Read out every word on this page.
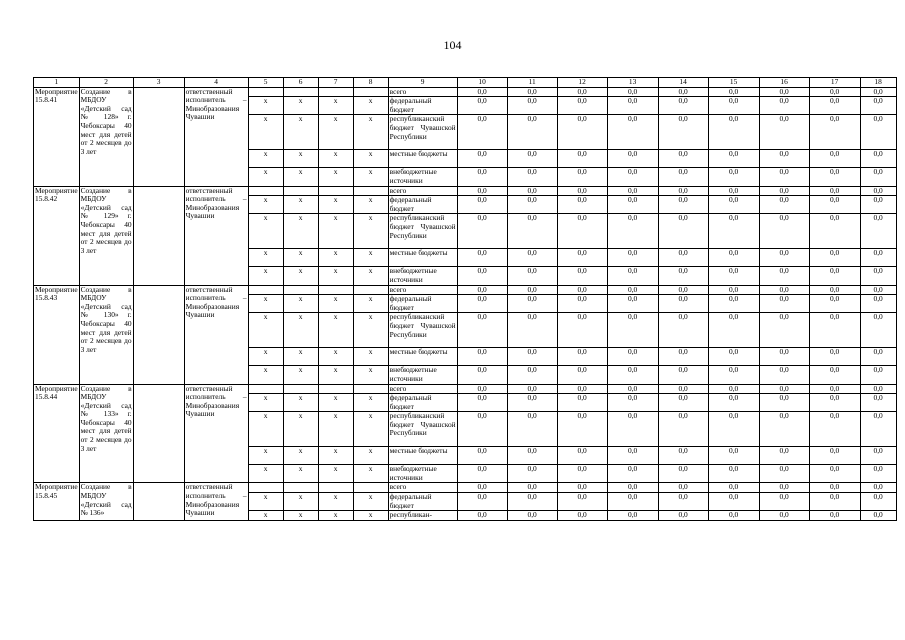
104
1	2	3	4	5	6	7	8	9	10	11	12	13	14	15	16	17	18
Мероприятие 15.8.41	Создание в МБДОУ «Детский сад № 128» г. Чебоксары 40 мест для детей от 2 месяцев до 3 лет		ответственный исполнитель – Минобразования Чувашии					всего	0,0	0,0	0,0	0,0	0,0	0,0	0,0	0,0	0,0
				х	х	х	х	федеральный бюджет	0,0	0,0	0,0	0,0	0,0	0,0	0,0	0,0	0,0
				х	х	х	х	республиканский бюджет Чувашской Республики	0,0	0,0	0,0	0,0	0,0	0,0	0,0	0,0	0,0
				х	х	х	х	местные бюджеты	0,0	0,0	0,0	0,0	0,0	0,0	0,0	0,0	0,0
				х	х	х	х	внебюджетные источники	0,0	0,0	0,0	0,0	0,0	0,0	0,0	0,0	0,0
Мероприятие 15.8.42	Создание в МБДОУ «Детский сад № 129» г. Чебоксары 40 мест для детей от 2 месяцев до 3 лет		ответственный исполнитель – Минобразования Чувашии					всего	0,0	0,0	0,0	0,0	0,0	0,0	0,0	0,0	0,0
				х	х	х	х	федеральный бюджет	0,0	0,0	0,0	0,0	0,0	0,0	0,0	0,0	0,0
				х	х	х	х	республиканский бюджет Чувашской Республики	0,0	0,0	0,0	0,0	0,0	0,0	0,0	0,0	0,0
				х	х	х	х	местные бюджеты	0,0	0,0	0,0	0,0	0,0	0,0	0,0	0,0	0,0
				х	х	х	х	внебюджетные источники	0,0	0,0	0,0	0,0	0,0	0,0	0,0	0,0	0,0
Мероприятие 15.8.43	Создание в МБДОУ «Детский сад № 130» г. Чебоксары 40 мест для детей от 2 месяцев до 3 лет		ответственный исполнитель – Минобразования Чувашии					всего	0,0	0,0	0,0	0,0	0,0	0,0	0,0	0,0	0,0
				х	х	х	х	федеральный бюджет	0,0	0,0	0,0	0,0	0,0	0,0	0,0	0,0	0,0
				х	х	х	х	республиканский бюджет Чувашской Республики	0,0	0,0	0,0	0,0	0,0	0,0	0,0	0,0	0,0
				х	х	х	х	местные бюджеты	0,0	0,0	0,0	0,0	0,0	0,0	0,0	0,0	0,0
				х	х	х	х	внебюджетные источники	0,0	0,0	0,0	0,0	0,0	0,0	0,0	0,0	0,0
Мероприятие 15.8.44	Создание в МБДОУ «Детский сад № 133» г. Чебоксары 40 мест для детей от 2 месяцев до 3 лет		ответственный исполнитель – Минобразования Чувашии					всего	0,0	0,0	0,0	0,0	0,0	0,0	0,0	0,0	0,0
				х	х	х	х	федеральный бюджет	0,0	0,0	0,0	0,0	0,0	0,0	0,0	0,0	0,0
				х	х	х	х	республиканский бюджет Чувашской Республики	0,0	0,0	0,0	0,0	0,0	0,0	0,0	0,0	0,0
				х	х	х	х	местные бюджеты	0,0	0,0	0,0	0,0	0,0	0,0	0,0	0,0	0,0
				х	х	х	х	внебюджетные источники	0,0	0,0	0,0	0,0	0,0	0,0	0,0	0,0	0,0
Мероприятие 15.8.45	Создание в МБДОУ «Детский сад № 136»		ответственный исполнитель – Минобразования Чувашии					всего	0,0	0,0	0,0	0,0	0,0	0,0	0,0	0,0	0,0
				х	х	х	х	федеральный бюджет	0,0	0,0	0,0	0,0	0,0	0,0	0,0	0,0	0,0
				х	х	х	х	республикан-	0,0	0,0	0,0	0,0	0,0	0,0	0,0	0,0	0,0
